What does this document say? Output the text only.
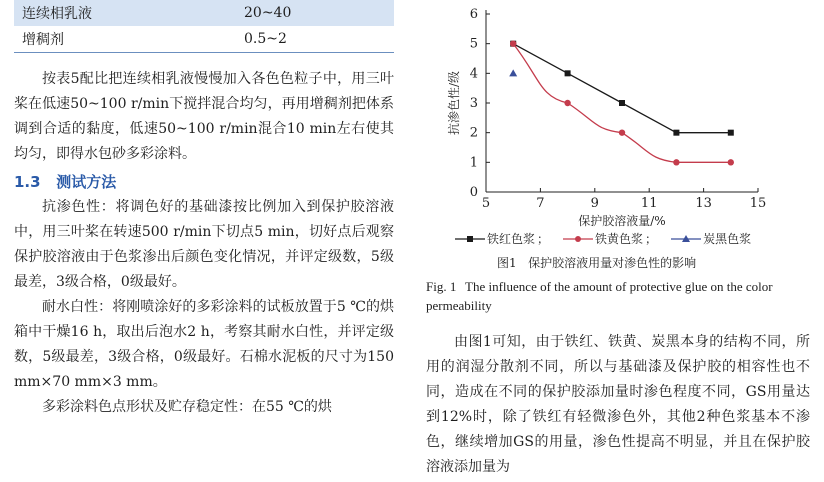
连续相乳液	20~40
增稠剂	0.5~2

按表5配比把连续相乳液慢慢加入各色色粒子中，用三叶桨在低速50~100 r/min下搅拌混合均匀，再用增稠剂把体系调到合适的黏度，低速50~100 r/min混合10 min左右使其均匀，即得水包砂多彩涂料。

1.3 测试方法

抗渗色性：将调色好的基础漆按比例加入到保护胶溶液中，用三叶桨在转速500 r/min下切点5 min，切好点后观察保护胶溶液由于色浆渗出后颜色变化情况，并评定级数，5级最差，3级合格，0级最好。

耐水白性：将刚喷涂好的多彩涂料的试板放置于5 ℃的烘箱中干燥16 h，取出后泡水2 h，考察其耐水白性，并评定级数，5级最差，3级合格，0级最好。石棉水泥板的尺寸为150 mm×70 mm×3 mm。

多彩涂料色点形状及贮存稳定性：在55 ℃的烘

5	7	9	11	13	15
0
1
2
3
4
5
6
保护胶溶液量/%
抗渗色性/级
铁红色浆 ；	铁黄色浆 ；	炭黑色浆
图1 保护胶溶液用量对渗色性的影响
Fig. 1 The influence of the amount of protective glue on the color permeability

由图1可知，由于铁红、铁黄、炭黑本身的结构不同，所用的润湿分散剂不同，所以与基础漆及保护胶的相容性也不同，造成在不同的保护胶添加量时渗色程度不同，GS用量达到12%时，除了铁红有轻微渗色外，其他2种色浆基本不渗色，继续增加GS的用量，渗色性提高不明显，并且在保护胶溶液添加量为
